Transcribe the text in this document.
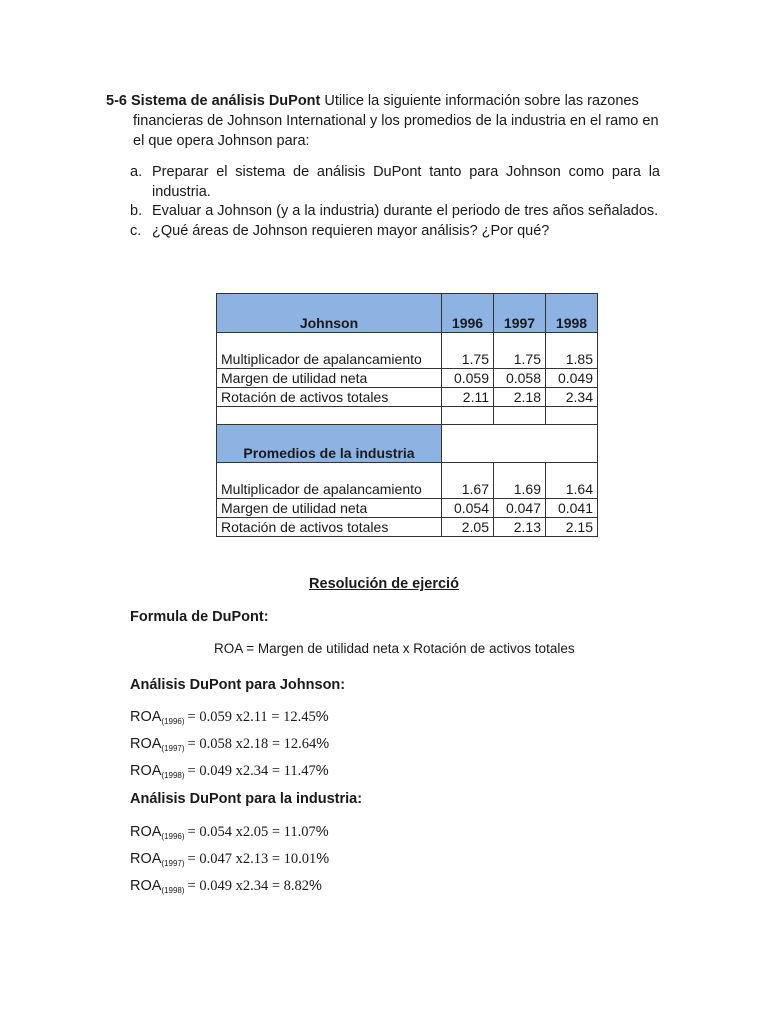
5-6 Sistema de análisis DuPont Utilice la siguiente información sobre las razones
financieras de Johnson International y los promedios de la industria en el ramo en el que opera Johnson para:
a. Preparar el sistema de análisis DuPont tanto para Johnson como para la industria.
b. Evaluar a Johnson (y a la industria) durante el periodo de tres años señalados.
c. ¿Qué áreas de Johnson requieren mayor análisis? ¿Por qué?
Johnson	1996	1997	1998
Multiplicador de apalancamiento	1.75	1.75	1.85
Margen de utilidad neta	0.059	0.058	0.049
Rotación de activos totales	2.11	2.18	2.34

Promedios de la industria			
Multiplicador de apalancamiento	1.67	1.69	1.64
Margen de utilidad neta	0.054	0.047	0.041
Rotación de activos totales	2.05	2.13	2.15
Resolución de ejerció
Formula de DuPont:
ROA = Margen de utilidad neta x Rotación de activos totales
Análisis DuPont para Johnson:
$ROA_{(1996)} = 0.059$ x2.11 = 12.45%
$ROA_{(1997)} = 0.058$ x2.18 = 12.64%
$ROA_{(1998)} = 0.049$ x2.34 = 11.47%
Análisis DuPont para la industria:
$ROA_{(1996)} = 0.054$ x2.05 = 11.07%
$ROA_{(1997)} = 0.047$ x2.13 = 10.01%
$ROA_{(1998)} = 0.049$ x2.34 = 8.82%
